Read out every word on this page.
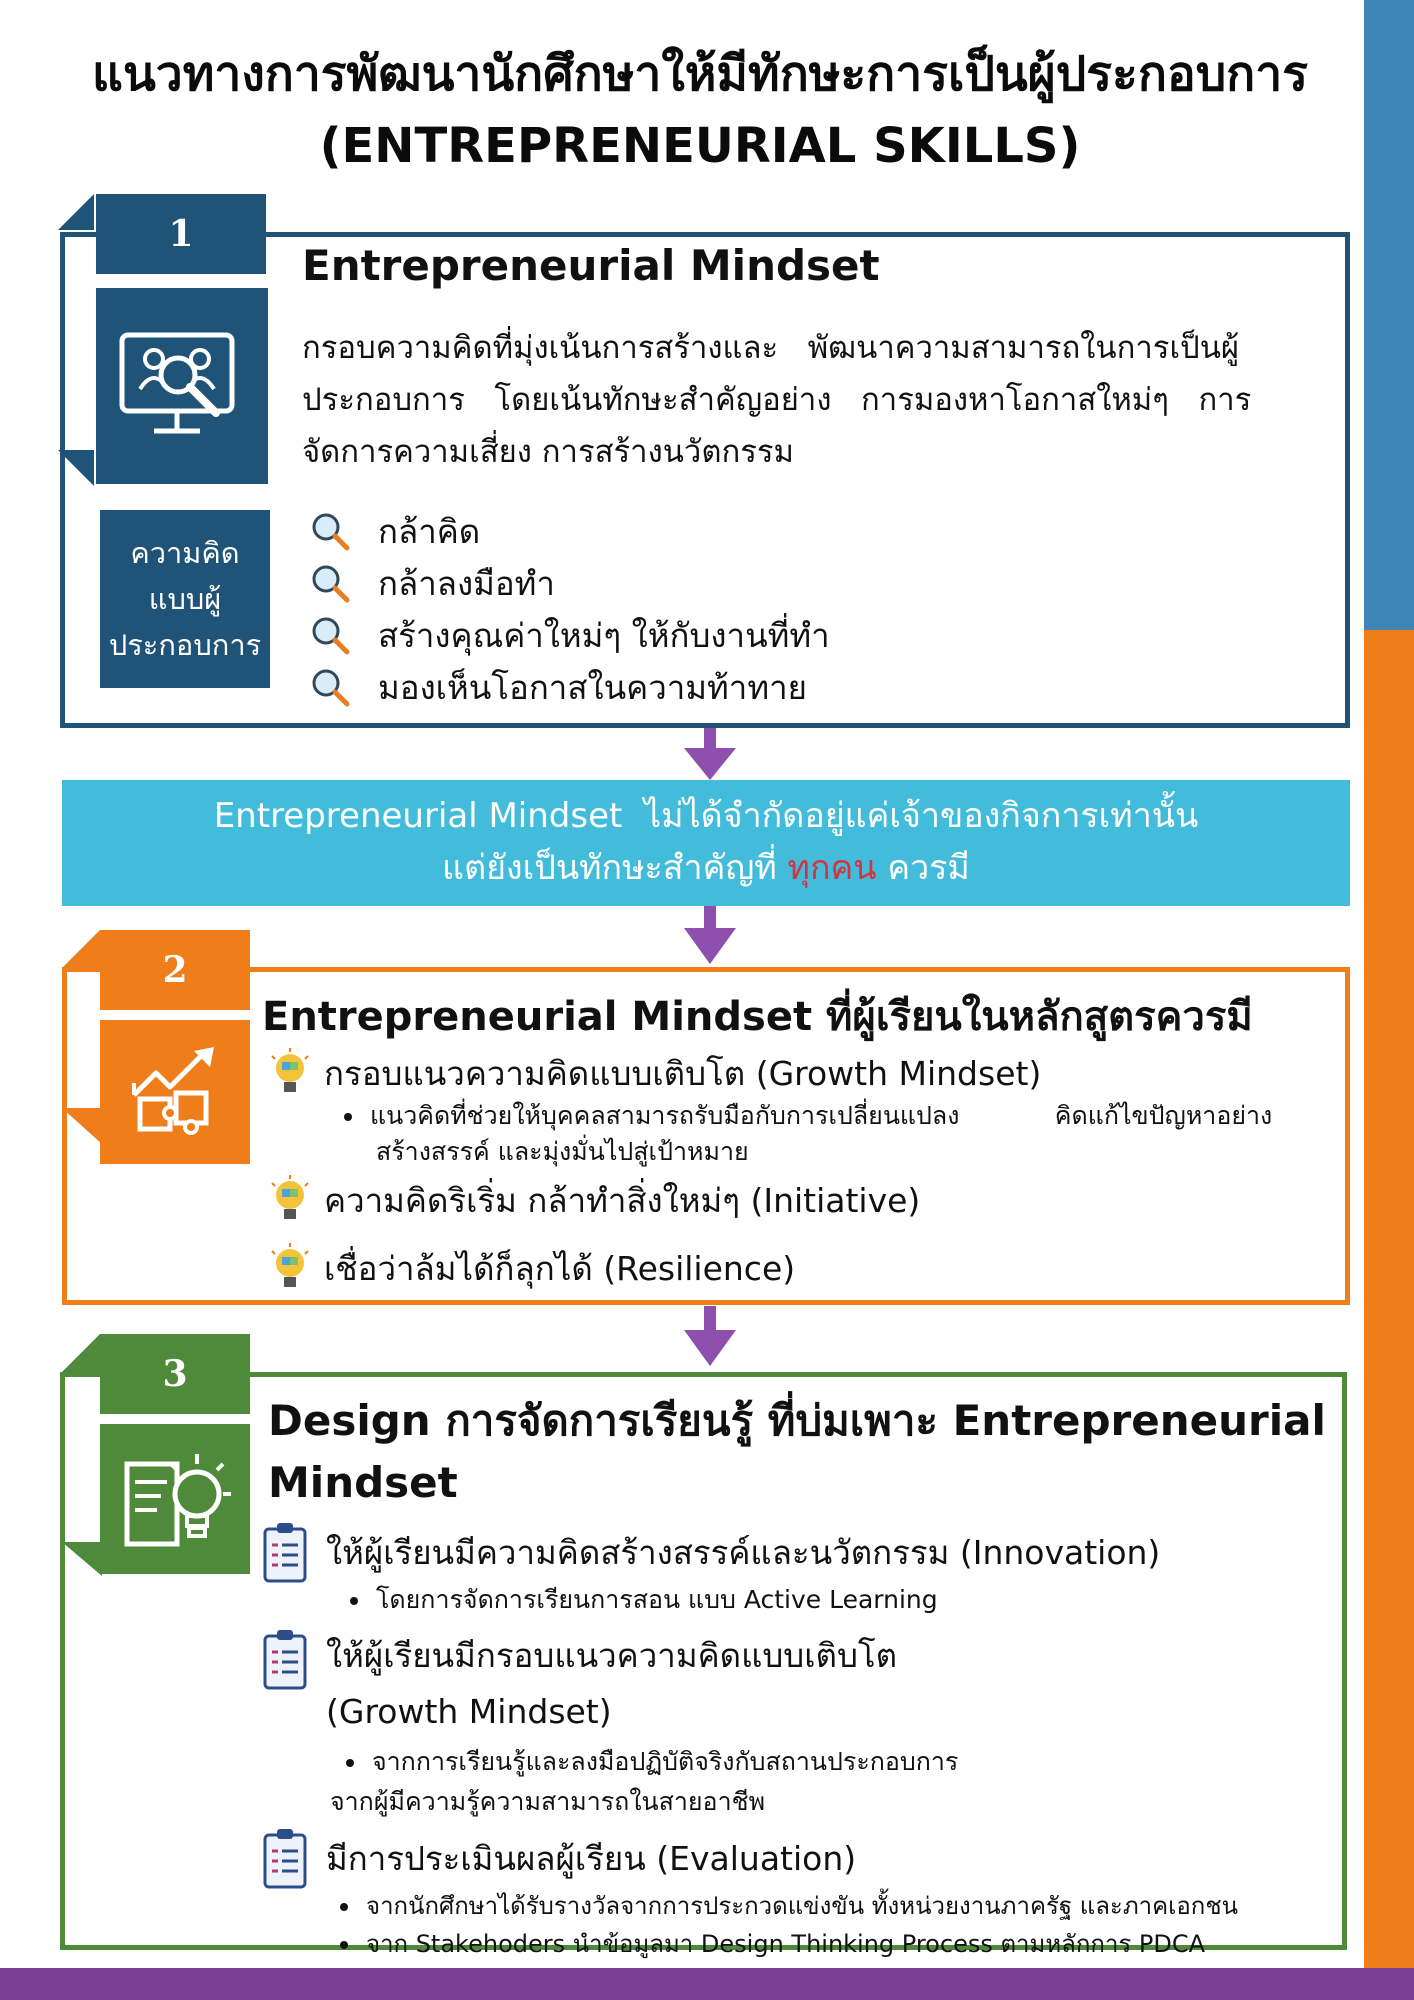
แนวทางการพัฒนานักศึกษาให้มีทักษะการเป็นผู้ประกอบการ
(ENTREPRENEURIAL SKILLS)
1
ความคิด
แบบผู้
ประกอบการ
Entrepreneurial Mindset
กรอบความคิดที่มุ่งเน้นการสร้างและ   พัฒนาความสามารถในการเป็นผู้
ประกอบการ   โดยเน้นทักษะสำคัญอย่าง   การมองหาโอกาสใหม่ๆ   การ
จัดการความเสี่ยง การสร้างนวัตกรรม
กล้าคิด
กล้าลงมือทำ
สร้างคุณค่าใหม่ๆ ให้กับงานที่ทำ
มองเห็นโอกาสในความท้าทาย
Entrepreneurial Mindset  ไม่ได้จำกัดอยู่แค่เจ้าของกิจการเท่านั้น
แต่ยังเป็นทักษะสำคัญที่ ทุกคน ควรมี
2
Entrepreneurial Mindset ที่ผู้เรียนในหลักสูตรควรมี
กรอบแนวความคิดแบบเติบโต (Growth Mindset)
แนวคิดที่ช่วยให้บุคคลสามารถรับมือกับการเปลี่ยนแปลง            คิดแก้ไขปัญหาอย่าง
สร้างสรรค์ และมุ่งมั่นไปสู่เป้าหมาย
ความคิดริเริ่ม กล้าทำสิ่งใหม่ๆ (Initiative)
เชื่อว่าล้มได้ก็ลุกได้ (Resilience)
3
Design การจัดการเรียนรู้ ที่บ่มเพาะ Entrepreneurial
Mindset
ให้ผู้เรียนมีความคิดสร้างสรรค์และนวัตกรรม (Innovation)
โดยการจัดการเรียนการสอน แบบ Active Learning
ให้ผู้เรียนมีกรอบแนวความคิดแบบเติบโต
(Growth Mindset)
จากการเรียนรู้และลงมือปฏิบัติจริงกับสถานประกอบการ
จากผู้มีความรู้ความสามารถในสายอาชีพ
มีการประเมินผลผู้เรียน (Evaluation)
จากนักศึกษาได้รับรางวัลจากการประกวดแข่งขัน ทั้งหน่วยงานภาครัฐ และภาคเอกชน
จาก Stakehoders นำข้อมูลมา Design Thinking Process ตามหลักการ PDCA
